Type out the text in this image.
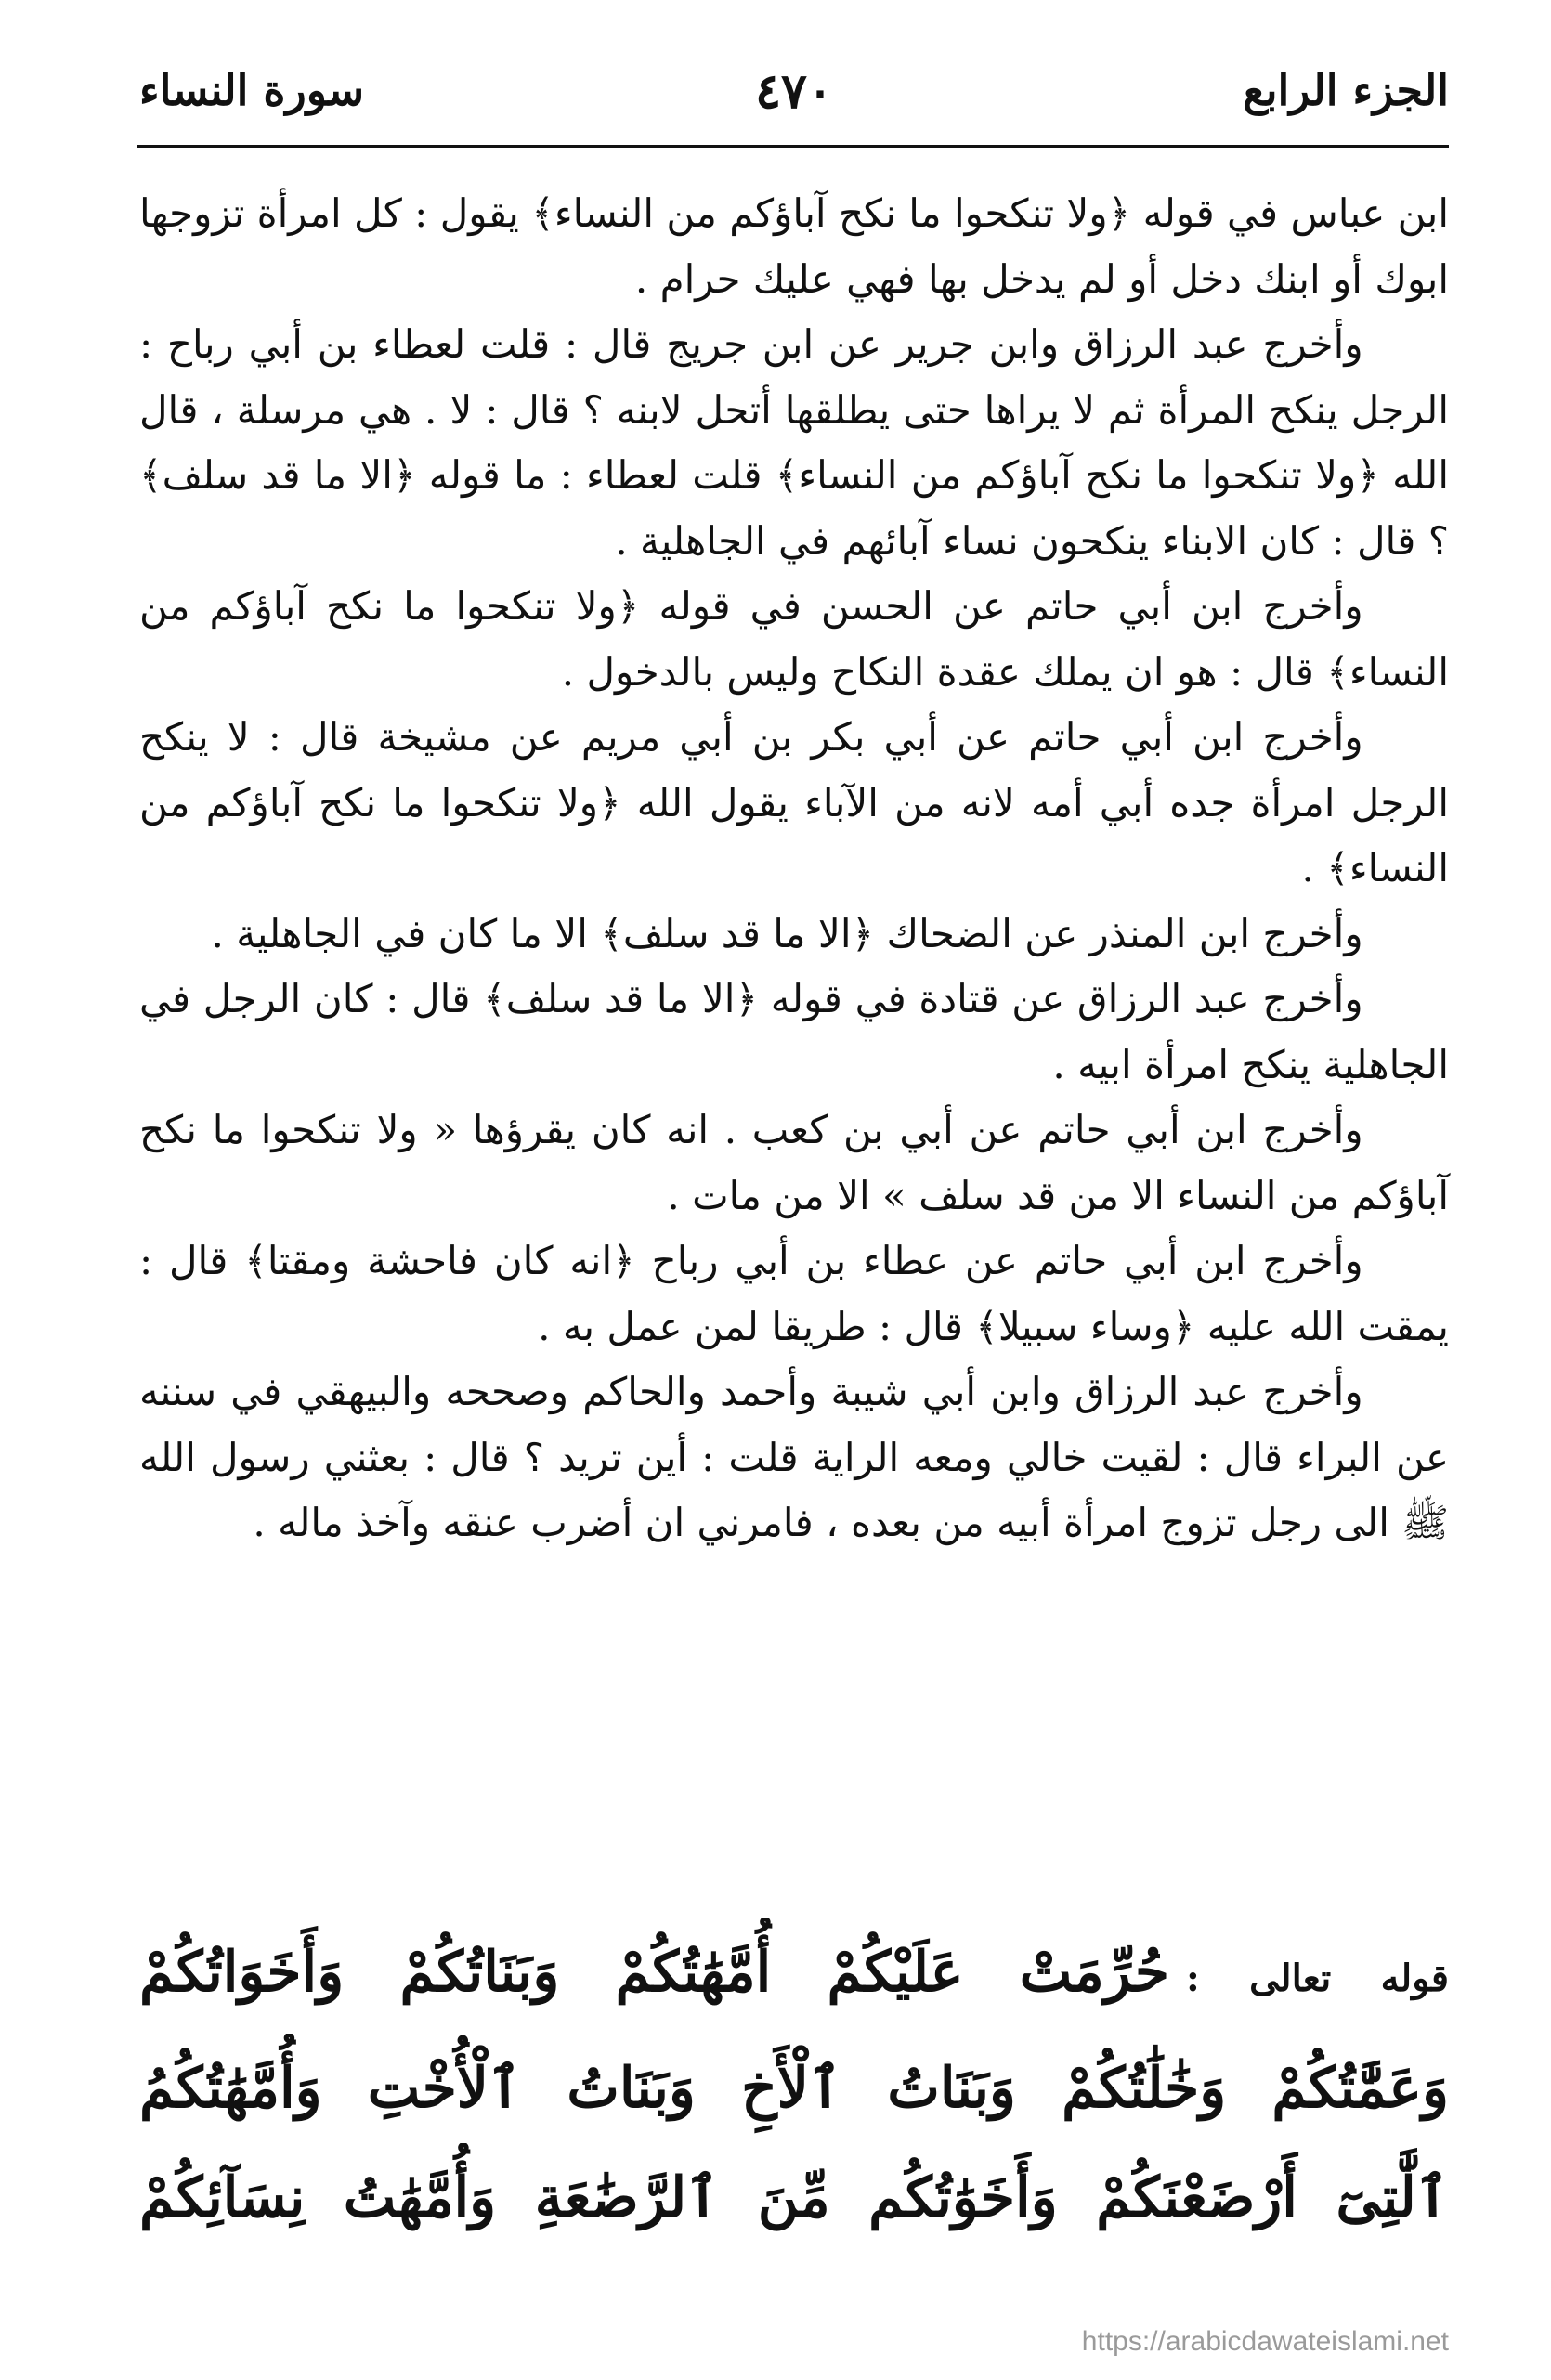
الجزء الرابع
٤٧٠
سورة النساء

ابن عباس في قوله ﴿ولا تنكحوا ما نكح آباؤكم من النساء﴾ يقول : كل امرأة تزوجها ابوك أو ابنك دخل أو لم يدخل بها فهي عليك حرام .

وأخرج عبد الرزاق وابن جرير عن ابن جريج قال : قلت لعطاء بن أبي رباح : الرجل ينكح المرأة ثم لا يراها حتى يطلقها أتحل لابنه ؟ قال : لا . هي مرسلة ، قال الله ﴿ولا تنكحوا ما نكح آباؤكم من النساء﴾ قلت لعطاء : ما قوله ﴿الا ما قد سلف﴾ ؟ قال : كان الابناء ينكحون نساء آبائهم في الجاهلية .

وأخرج ابن أبي حاتم عن الحسن في قوله ﴿ولا تنكحوا ما نكح آباؤكم من النساء﴾ قال : هو ان يملك عقدة النكاح وليس بالدخول .

وأخرج ابن أبي حاتم عن أبي بكر بن أبي مريم عن مشيخة قال : لا ينكح الرجل امرأة جده أبي أمه لانه من الآباء يقول الله ﴿ولا تنكحوا ما نكح آباؤكم من النساء﴾ .

وأخرج ابن المنذر عن الضحاك ﴿الا ما قد سلف﴾ الا ما كان في الجاهلية .

وأخرج عبد الرزاق عن قتادة في قوله ﴿الا ما قد سلف﴾ قال : كان الرجل في الجاهلية ينكح امرأة ابيه .

وأخرج ابن أبي حاتم عن أبي بن كعب . انه كان يقرؤها « ولا تنكحوا ما نكح آباؤكم من النساء الا من قد سلف » الا من مات .

وأخرج ابن أبي حاتم عن عطاء بن أبي رباح ﴿انه كان فاحشة ومقتا﴾ قال : يمقت الله عليه ﴿وساء سبيلا﴾ قال : طريقا لمن عمل به .

وأخرج عبد الرزاق وابن أبي شيبة وأحمد والحاكم وصححه والبيهقي في سننه عن البراء قال : لقيت خالي ومعه الراية قلت : أين تريد ؟ قال : بعثني رسول الله ﷺ الى رجل تزوج امرأة أبيه من بعده ، فامرني ان أضرب عنقه وآخذ ماله .

قوله تعالى :حُرِّمَتْ عَلَيْكُمْ أُمَّهَٰتُكُمْ وَبَنَاتُكُمْ وَأَخَوَاتُكُمْ
وَعَمَّٰتُكُمْ وَخَٰلَٰتُكُمْ وَبَنَاتُ ٱلْأَخِ وَبَنَاتُ ٱلْأُخْتِ وَأُمَّهَٰتُكُمُ
ٱلَّٰتِىٓ أَرْضَعْنَكُمْ وَأَخَوَٰتُكُم مِّنَ ٱلرَّضَٰعَةِ وَأُمَّهَٰتُ نِسَآئِكُمْ
https://arabicdawateislami.net
